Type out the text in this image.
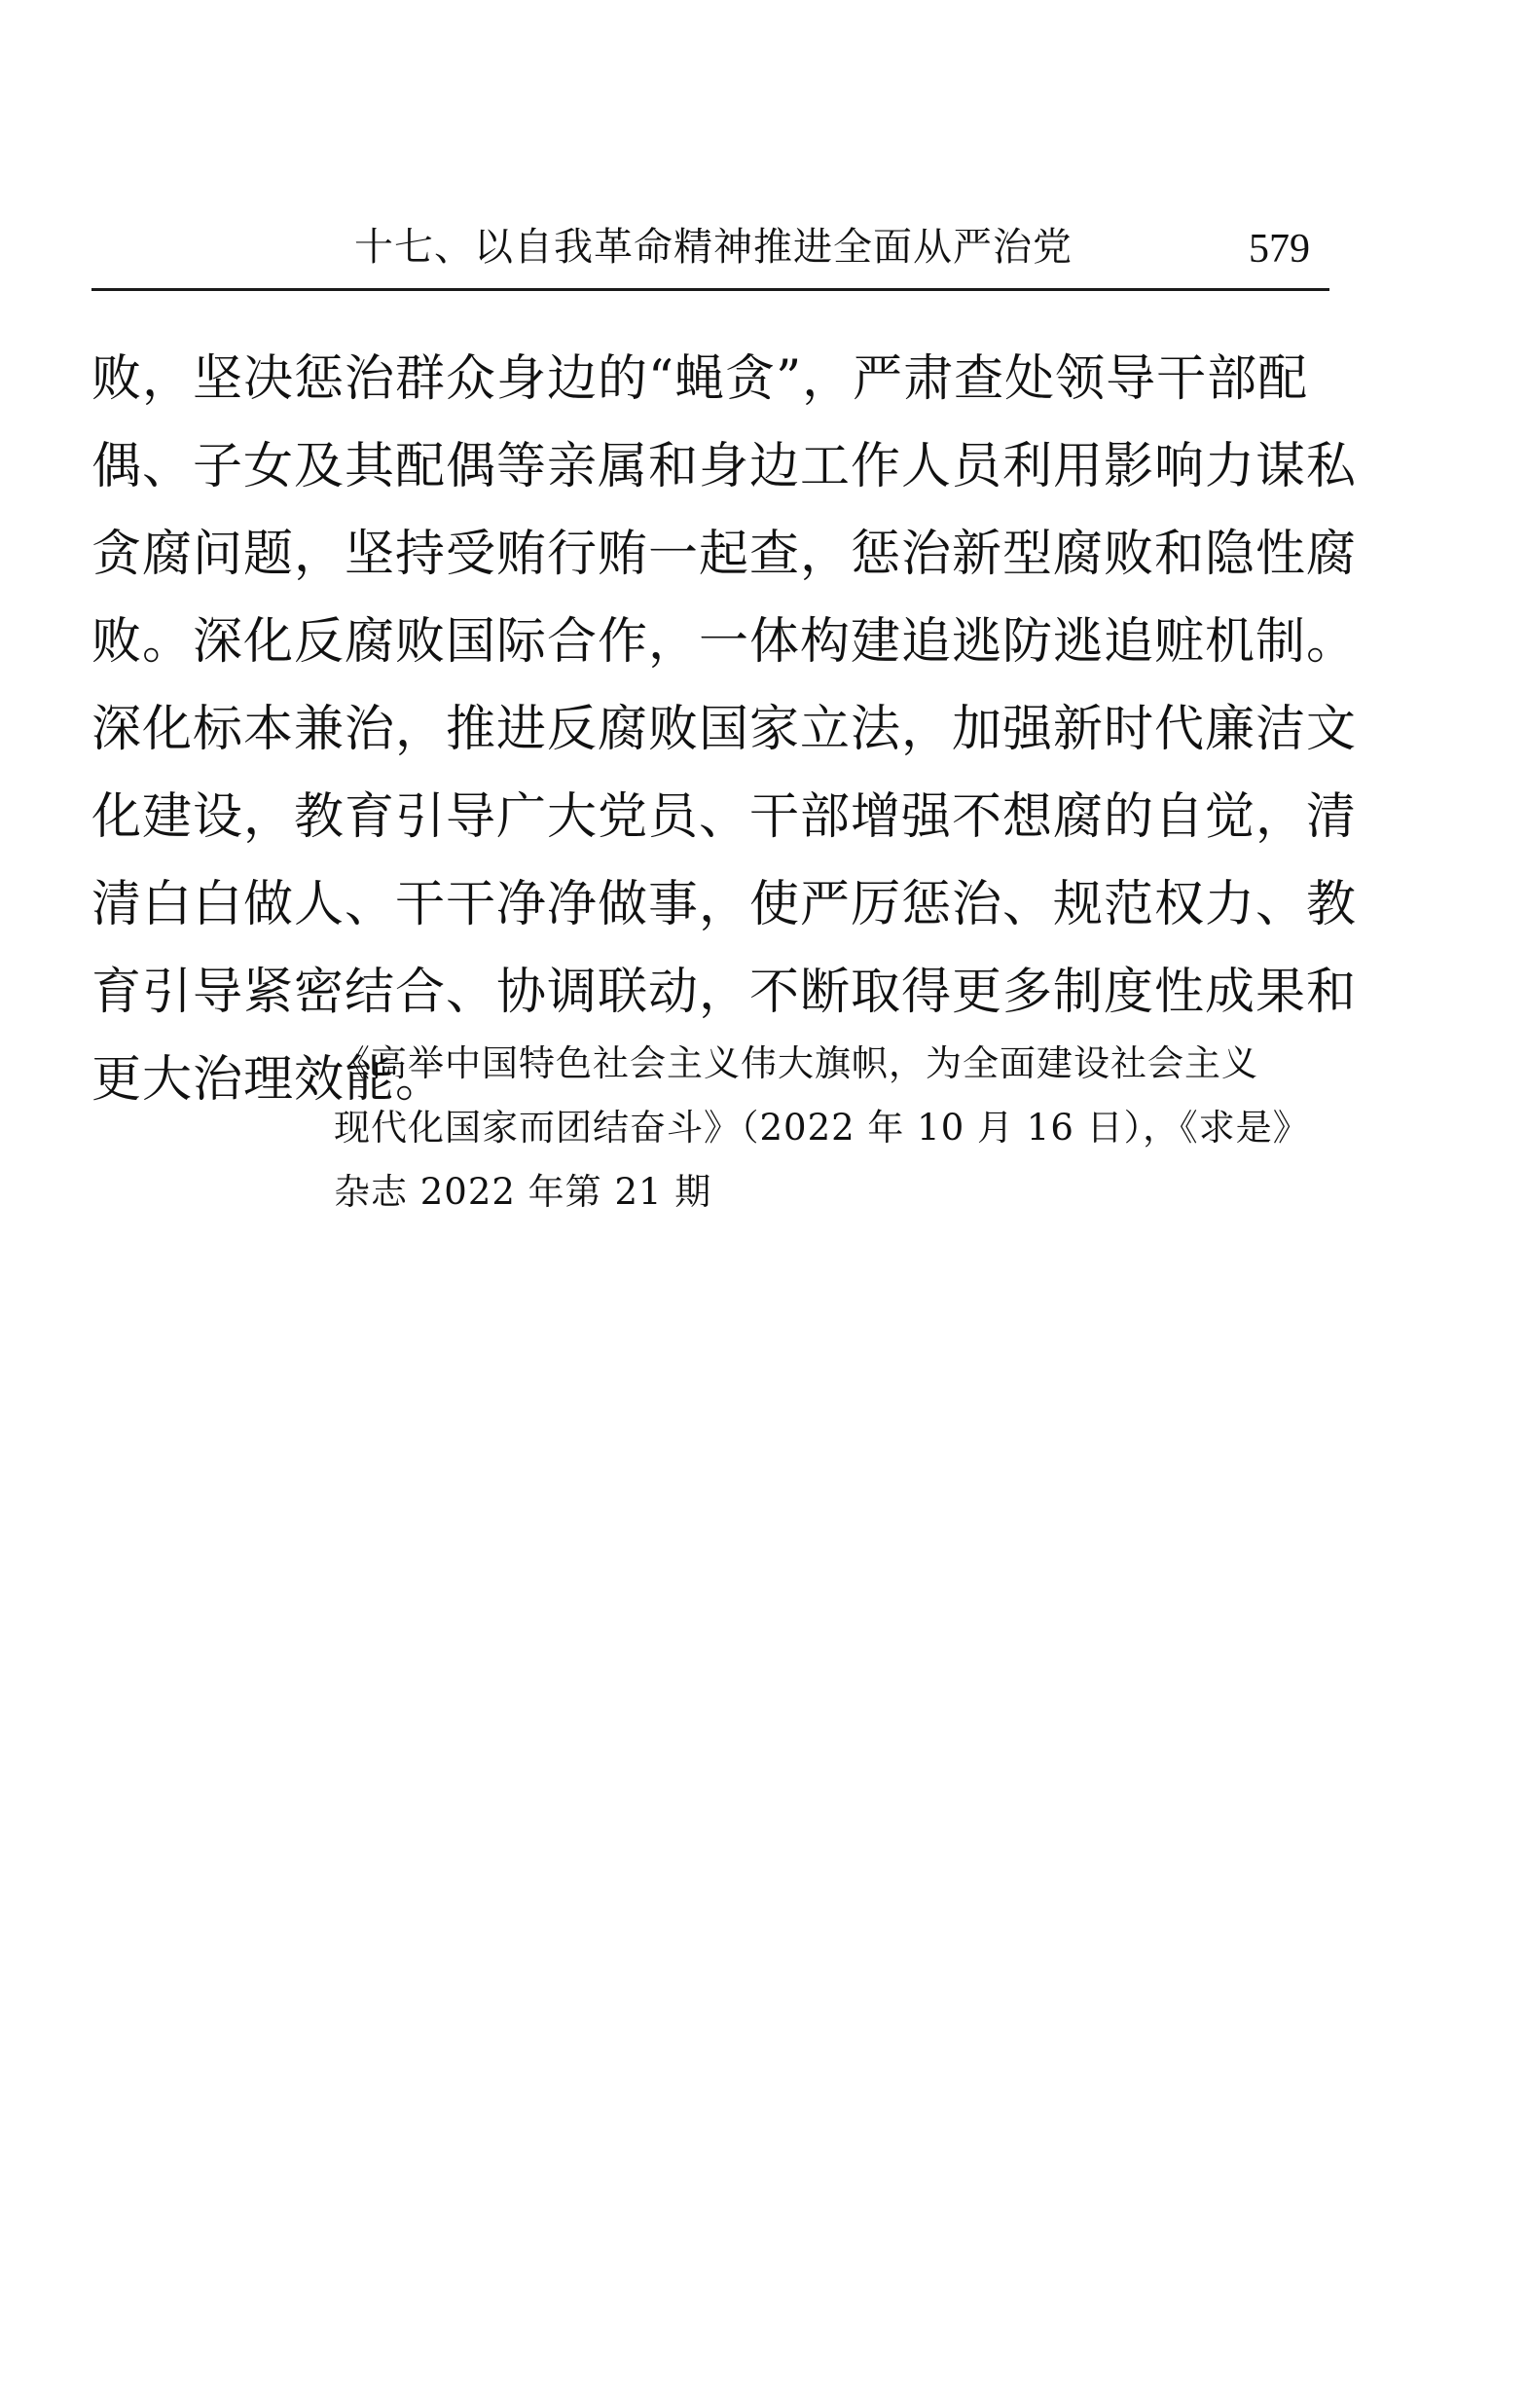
十七、以自我革命精神推进全面从严治党	579
败，坚决惩治群众身边的“蝇贪”，严肃查处领导干部配
偶、子女及其配偶等亲属和身边工作人员利用影响力谋私
贪腐问题，坚持受贿行贿一起查，惩治新型腐败和隐性腐
败。深化反腐败国际合作，一体构建追逃防逃追赃机制。
深化标本兼治，推进反腐败国家立法，加强新时代廉洁文
化建设，教育引导广大党员、干部增强不想腐的自觉，清
清白白做人、干干净净做事，使严厉惩治、规范权力、教
育引导紧密结合、协调联动，不断取得更多制度性成果和
更大治理效能。
《高举中国特色社会主义伟大旗帜，为全面建设社会主义
现代化国家而团结奋斗》（2022 年 10 月 16 日），《求是》
杂志 2022 年第 21 期
